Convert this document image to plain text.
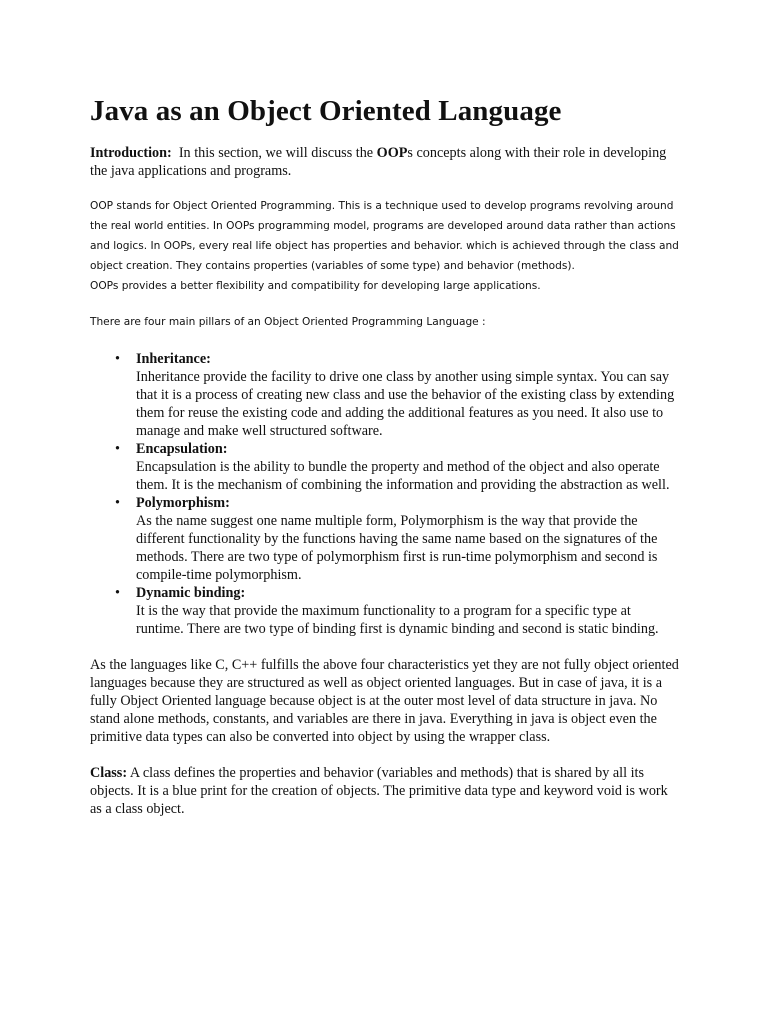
Java as an Object Oriented Language

Introduction: In this section, we will discuss the OOPs concepts along with their role in developing the java applications and programs.

OOP stands for Object Oriented Programming. This is a technique used to develop programs revolving around the real world entities. In OOPs programming model, programs are developed around data rather than actions and logics. In OOPs, every real life object has properties and behavior. which is achieved through the class and object creation. They contains properties (variables of some type) and behavior (methods).
OOPs provides a better flexibility and compatibility for developing large applications.

There are four main pillars of an Object Oriented Programming Language :

• Inheritance:
Inheritance provide the facility to drive one class by another using simple syntax. You can say that it is a process of creating new class and use the behavior of the existing class by extending them for reuse the existing code and adding the additional features as you need. It also use to manage and make well structured software.
• Encapsulation:
Encapsulation is the ability to bundle the property and method of the object and also operate them. It is the mechanism of combining the information and providing the abstraction as well.
• Polymorphism:
As the name suggest one name multiple form, Polymorphism is the way that provide the different functionality by the functions having the same name based on the signatures of the methods. There are two type of polymorphism first is run-time polymorphism and second is compile-time polymorphism.
• Dynamic binding:
It is the way that provide the maximum functionality to a program for a specific type at runtime. There are two type of binding first is dynamic binding and second is static binding.

As the languages like C, C++ fulfills the above four characteristics yet they are not fully object oriented languages because they are structured as well as object oriented languages. But in case of java, it is a fully Object Oriented language because object is at the outer most level of data structure in java. No stand alone methods, constants, and variables are there in java. Everything in java is object even the primitive data types can also be converted into object by using the wrapper class.

Class: A class defines the properties and behavior (variables and methods) that is shared by all its objects. It is a blue print for the creation of objects. The primitive data type and keyword void is work as a class object.
